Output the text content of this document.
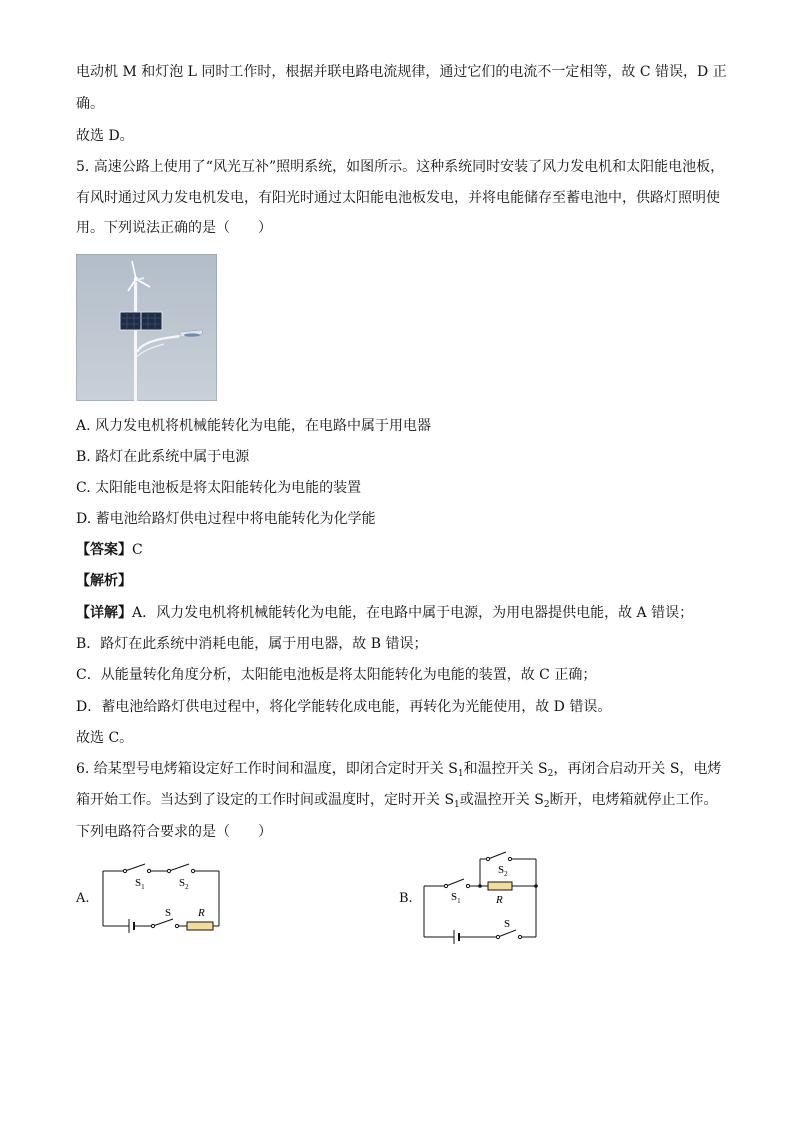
电动机 M 和灯泡 L 同时工作时，根据并联电路电流规律，通过它们的电流不一定相等，故 C 错误，D 正
确。
故选 D。
5. 高速公路上使用了“风光互补”照明系统，如图所示。这种系统同时安装了风力发电机和太阳能电池板，
有风时通过风力发电机发电，有阳光时通过太阳能电池板发电，并将电能储存至蓄电池中，供路灯照明使
用。下列说法正确的是（　　）
A. 风力发电机将机械能转化为电能，在电路中属于用电器
B. 路灯在此系统中属于电源
C. 太阳能电池板是将太阳能转化为电能的装置
D. 蓄电池给路灯供电过程中将电能转化为化学能
【答案】C
【解析】
【详解】A．风力发电机将机械能转化为电能，在电路中属于电源，为用电器提供电能，故 A 错误；
B．路灯在此系统中消耗电能，属于用电器，故 B 错误；
C．从能量转化角度分析，太阳能电池板是将太阳能转化为电能的装置，故 C 正确；
D．蓄电池给路灯供电过程中，将化学能转化成电能，再转化为光能使用，故 D 错误。
故选 C。
6. 给某型号电烤箱设定好工作时间和温度，即闭合定时开关 $S_1$和温控开关 $S_2$，再闭合启动开关 S，电烤
箱开始工作。当达到了设定的工作时间或温度时，定时开关 $S_1$或温控开关 $S_2$断开，电烤箱就停止工作。
下列电路符合要求的是（　　）
A.
$S_1$	$S_2$
S R
B.	$S_1$
$S_2$
R
S
